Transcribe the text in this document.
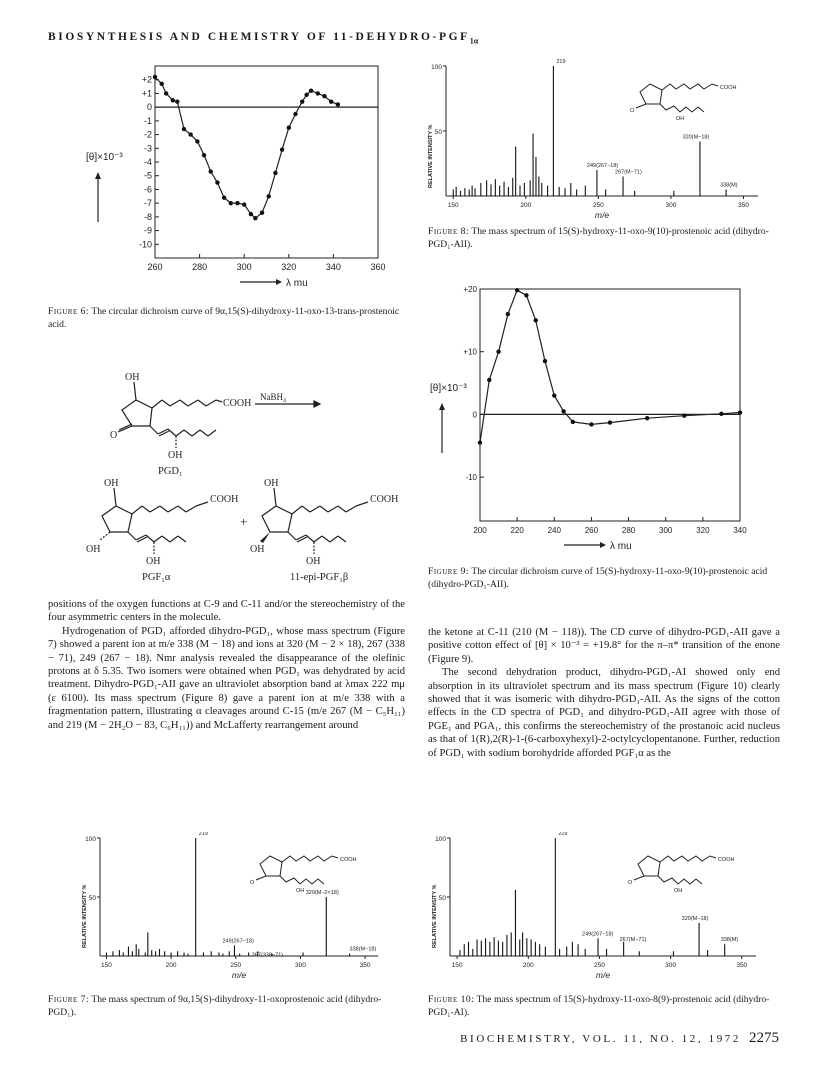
BIOSYNTHESIS AND CHEMISTRY OF $11-DEHYDRO-PGF_{1\alpha}$
260	280	300	320	340	360
+2
+1
0
-1
-2
-3
-4
-5
-6
-7
-8
-9
-10
[θ]×10⁻³
λ mu
Figure 6: The circular dichroism curve of 9α,15(S)-dihydroxy-11-oxo-13-trans-prostenoic acid.
OH
COOH
O
OH
NaBH₄
PGD₁
OH
COOH
OH
OH
PGF₁α
+
OH
COOH
OH
OH
11-epi-PGF₁β
100
50
150	200	250	300	350
RELATIVE INTENSITY %
m/e
219
320(M−18)
249(267−18)
267(M−71)
338(M)
COOH
O
OH
Figure 8: The mass spectrum of 15(S)-hydroxy-11-oxo-9(10)-prostenoic acid (dihydro-PGD₁-AII).
200	220	240	260	280	300	320	340
+20
+10
0
-10
[θ]×10⁻³
λ mu
Figure 9: The circular dichroism curve of 15(S)-hydroxy-11-oxo-9(10)-prostenoic acid (dihydro-PGD₁-AII).

positions of the oxygen functions at C-9 and C-11 and/or the stereochemistry of the four asymmetric centers in the molecule.

Hydrogenation of PGD₁ afforded dihydro-PGD₁, whose mass spectrum (Figure 7) showed a parent ion at m/e 338 (M − 18) and ions at 320 (M − 2 × 18), 267 (338 − 71), 249 (267 − 18). Nmr analysis revealed the disappearance of the olefinic protons at δ 5.35. Two isomers were obtained when PGD₁ was dehydrated by acid treatment. Dihydro-PGD₁-AII gave an ultraviolet absorption band at λmax 222 mμ (ε 6100). Its mass spectrum (Figure 8) gave a parent ion at m/e 338 with a fragmentation pattern, illustrating α cleavages around C-15 (m/e 267 (M − C₅H₁₁) and 219 (M − 2H₂O − 83, C₆H₁₁)) and McLafferty rearrangement around

the ketone at C-11 (210 (M − 118)). The CD curve of dihydro-PGD₁-AII gave a positive cotton effect of [θ] × 10⁻³ = +19.8° for the π–π* transition of the enone (Figure 9).

The second dehydration product, dihydro-PGD₁-AI showed only end absorption in its ultraviolet spectrum and its mass spectrum (Figure 10) clearly showed that it was isomeric with dihydro-PGD₁-AII. As the signs of the cotton effects in the CD spectra of PGD₁ and dihydro-PGD₁-AII agree with those of PGE₁ and PGA₁, this confirms the stereochemistry of the prostanoic acid nucleus as that of 1(R),2(R)-1-(6-carboxyhexyl)-2-octylcyclopentanone. Further, reduction of PGD₁ with sodium borohydride afforded PGF₁α as the

100
50
150	200	250	300	350
RELATIVE INTENSITY %
m/e
219
320(M−2×18)
249(267−18)
267(338−71)
338(M−18)
COOH
O
OH
Figure 7: The mass spectrum of 9α,15(S)-dihydroxy-11-oxoprostenoic acid (dihydro-PGD₁).
100
50
150	200	250	300	350
RELATIVE INTENSITY %
m/e
219
320(M−18)
249(267−18)
267(M−71)	338(M)
COOH
O
OH
Figure 10: The mass spectrum of 15(S)-hydroxy-11-oxo-8(9)-prostenoic acid (dihydro-PGD₁-AI).
BIOCHEMISTRY, VOL. 11, NO. 12, 1972 2275
